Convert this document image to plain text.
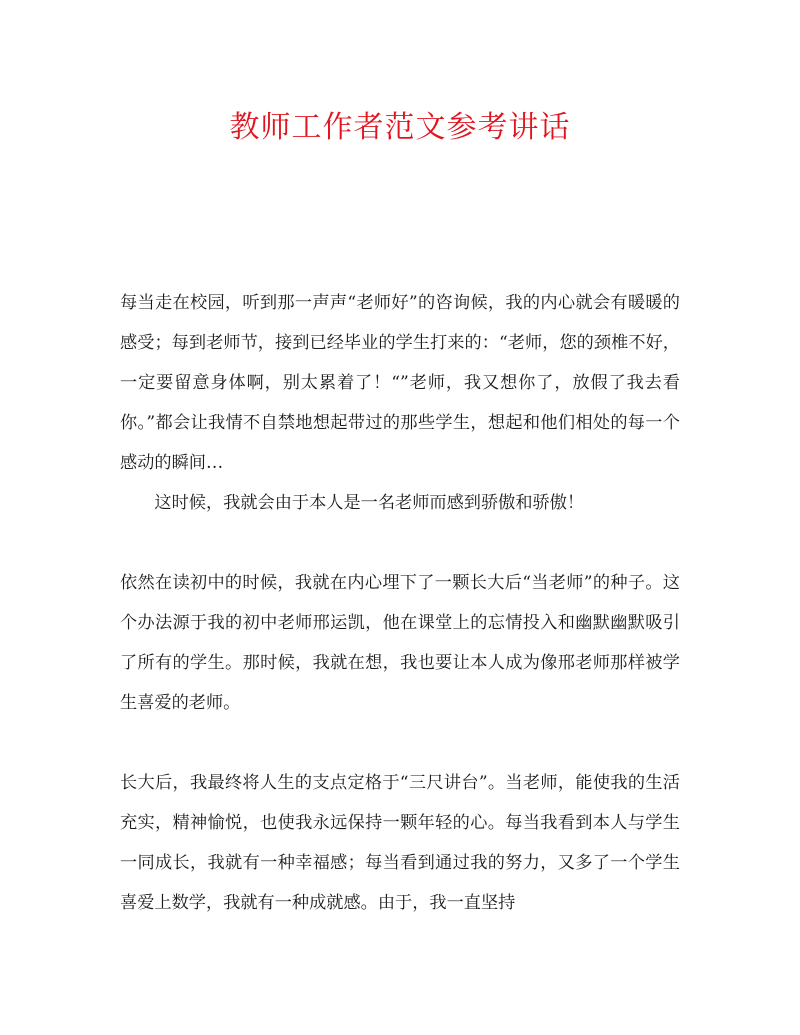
教师工作者范文参考讲话

每当走在校园，听到那一声声“老师好”的咨询候，我的内心就会有暖暖的感受；每到老师节，接到已经毕业的学生打来的：“老师，您的颈椎不好，一定要留意身体啊，别太累着了！“”老师，我又想你了，放假了我去看你。”都会让我情不自禁地想起带过的那些学生，想起和他们相处的每一个感动的瞬间…

这时候，我就会由于本人是一名老师而感到骄傲和骄傲！

依然在读初中的时候，我就在内心埋下了一颗长大后“当老师”的种子。这个办法源于我的初中老师邢运凯，他在课堂上的忘情投入和幽默幽默吸引了所有的学生。那时候，我就在想，我也要让本人成为像邢老师那样被学生喜爱的老师。

长大后，我最终将人生的支点定格于“三尺讲台”。当老师，能使我的生活充实，精神愉悦，也使我永远保持一颗年轻的心。每当我看到本人与学生一同成长，我就有一种幸福感；每当看到通过我的努力，又多了一个学生喜爱上数学，我就有一种成就感。由于，我一直坚持
